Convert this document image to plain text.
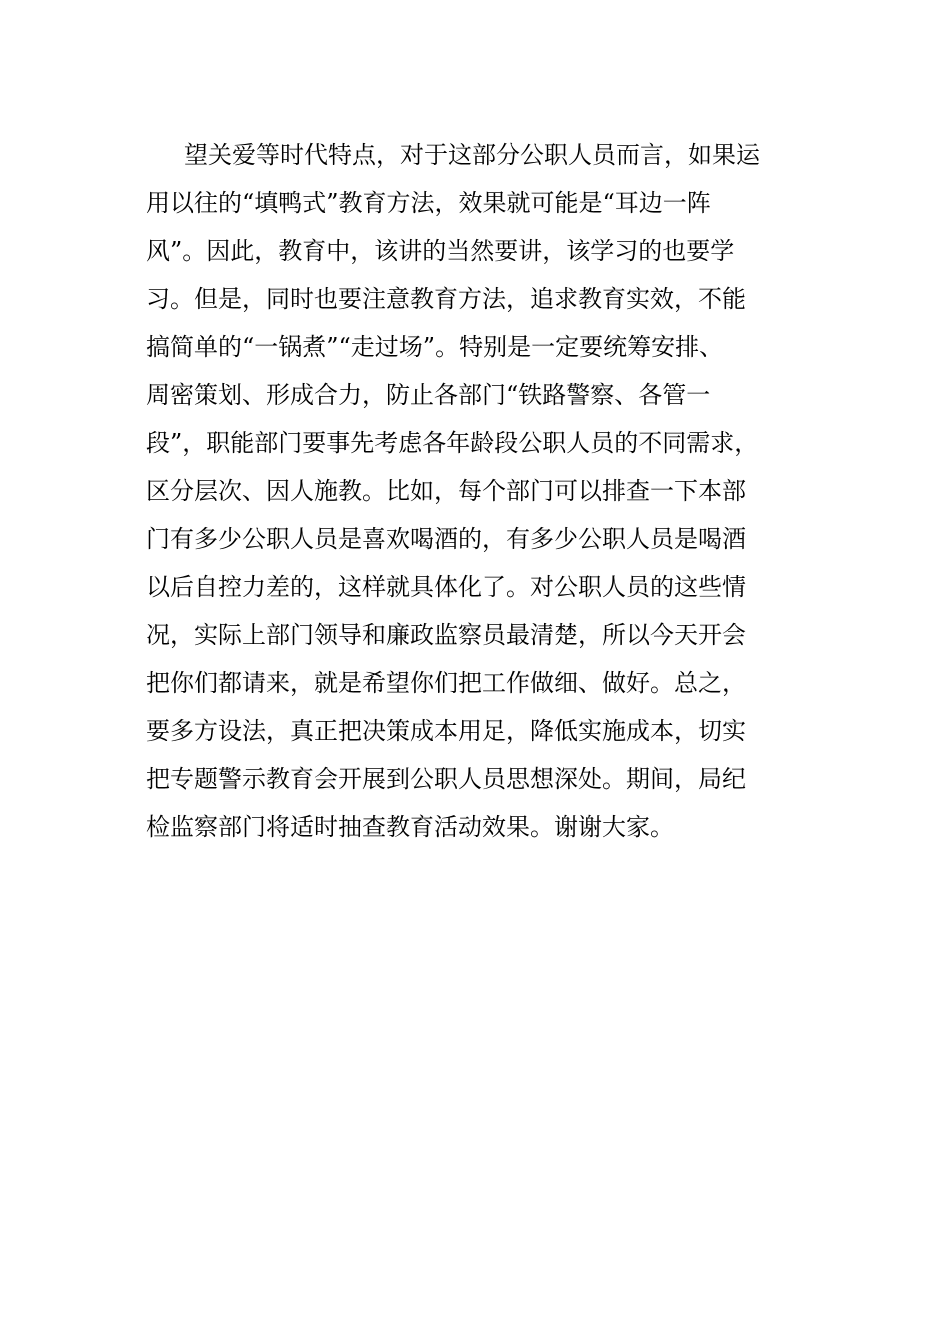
望关爱等时代特点，对于这部分公职人员而言，如果运
用以往的“填鸭式”教育方法，效果就可能是“耳边一阵
风”。因此，教育中，该讲的当然要讲，该学习的也要学
习。但是，同时也要注意教育方法，追求教育实效，不能
搞简单的“一锅煮”“走过场”。特别是一定要统筹安排、
周密策划、形成合力，防止各部门“铁路警察、各管一
段”，职能部门要事先考虑各年龄段公职人员的不同需求，
区分层次、因人施教。比如，每个部门可以排查一下本部
门有多少公职人员是喜欢喝酒的，有多少公职人员是喝酒
以后自控力差的，这样就具体化了。对公职人员的这些情
况，实际上部门领导和廉政监察员最清楚，所以今天开会
把你们都请来，就是希望你们把工作做细、做好。总之，
要多方设法，真正把决策成本用足，降低实施成本，切实
把专题警示教育会开展到公职人员思想深处。期间，局纪
检监察部门将适时抽查教育活动效果。谢谢大家。
